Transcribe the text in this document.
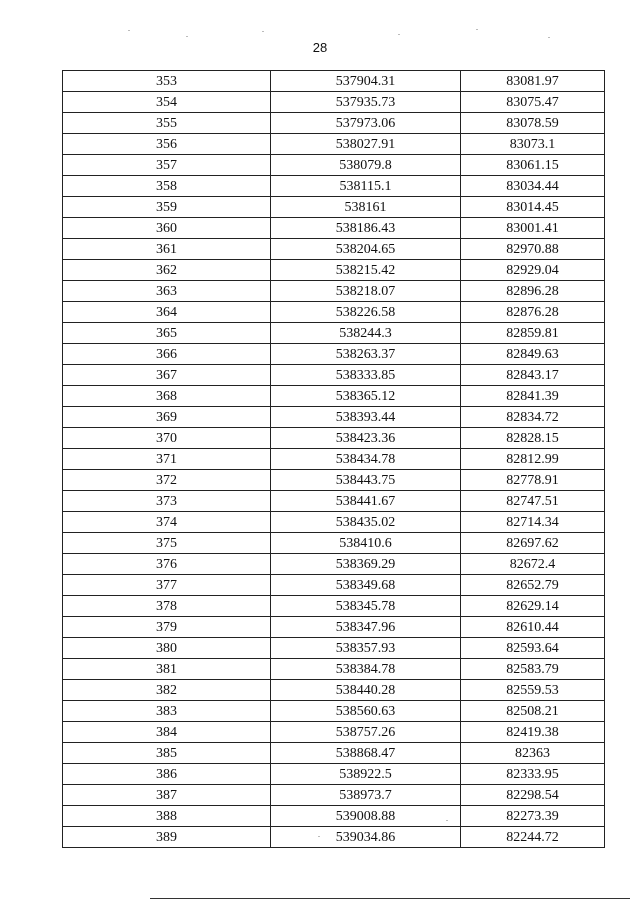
28
353	537904.31	83081.97
354	537935.73	83075.47
355	537973.06	83078.59
356	538027.91	83073.1
357	538079.8	83061.15
358	538115.1	83034.44
359	538161	83014.45
360	538186.43	83001.41
361	538204.65	82970.88
362	538215.42	82929.04
363	538218.07	82896.28
364	538226.58	82876.28
365	538244.3	82859.81
366	538263.37	82849.63
367	538333.85	82843.17
368	538365.12	82841.39
369	538393.44	82834.72
370	538423.36	82828.15
371	538434.78	82812.99
372	538443.75	82778.91
373	538441.67	82747.51
374	538435.02	82714.34
375	538410.6	82697.62
376	538369.29	82672.4
377	538349.68	82652.79
378	538345.78	82629.14
379	538347.96	82610.44
380	538357.93	82593.64
381	538384.78	82583.79
382	538440.28	82559.53
383	538560.63	82508.21
384	538757.26	82419.38
385	538868.47	82363
386	538922.5	82333.95
387	538973.7	82298.54
388	539008.88	82273.39
389	539034.86	82244.72
